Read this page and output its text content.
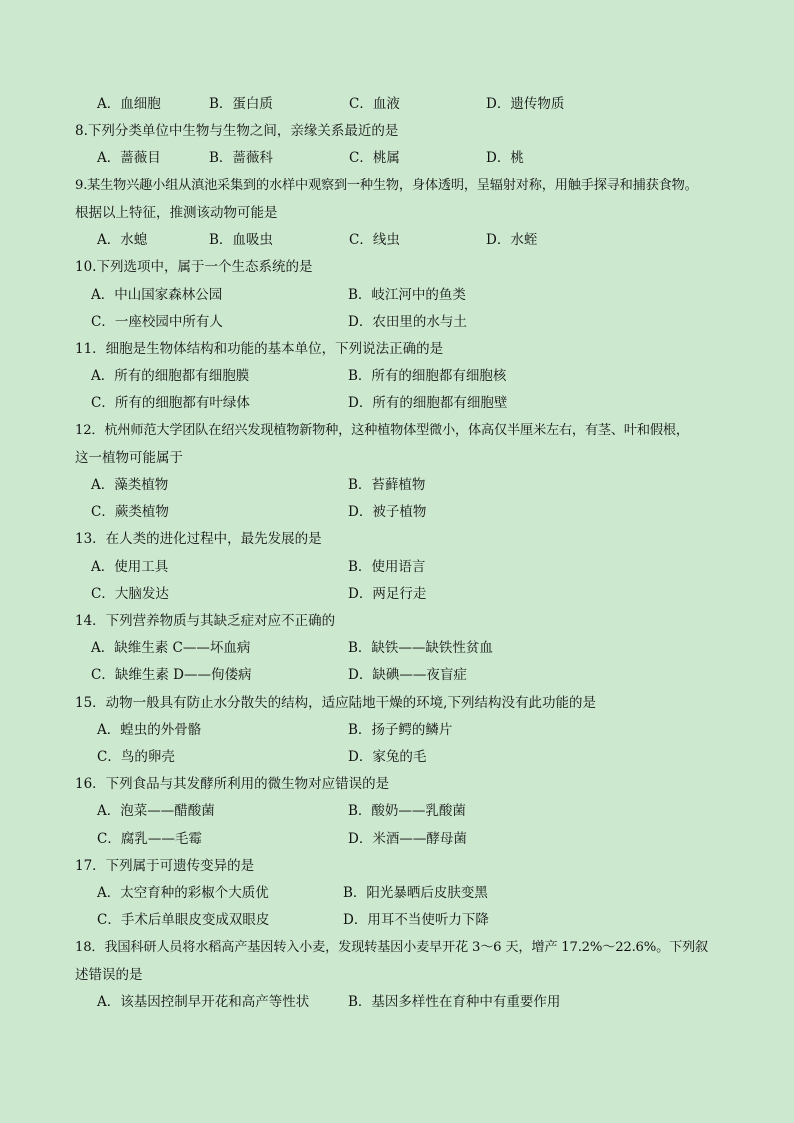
A．血细胞	B．蛋白质	C．血液	D．遗传物质
8.下列分类单位中生物与生物之间，亲缘关系最近的是
A．蔷薇目	B．蔷薇科	C．桃属	D．桃
9.某生物兴趣小组从滇池采集到的水样中观察到一种生物，身体透明，呈辐射对称，用触手探寻和捕获食物。
根据以上特征，推测该动物可能是
A．水螅	B．血吸虫	C．线虫	D．水蛭
10.下列选项中，属于一个生态系统的是
A．中山国家森林公园	B．岐江河中的鱼类
C．一座校园中所有人	D．农田里的水与土
11．细胞是生物体结构和功能的基本单位，下列说法正确的是
A．所有的细胞都有细胞膜	B．所有的细胞都有细胞核
C．所有的细胞都有叶绿体	D．所有的细胞都有细胞壁
12．杭州师范大学团队在绍兴发现植物新物种，这种植物体型微小，体高仅半厘米左右，有茎、叶和假根，
这一植物可能属于
A．藻类植物	B．苔藓植物
C．蕨类植物	D．被子植物
13．在人类的进化过程中，最先发展的是
A．使用工具	B．使用语言
C．大脑发达	D．两足行走
14．下列营养物质与其缺乏症对应不正确的
A．缺维生素 C——坏血病	B．缺铁——缺铁性贫血
C．缺维生素 D——佝偻病	D．缺碘——夜盲症
15．动物一般具有防止水分散失的结构，适应陆地干燥的环境,下列结构没有此功能的是
A．蝗虫的外骨骼	B．扬子鳄的鳞片
C．鸟的卵壳	D．家兔的毛
16．下列食品与其发酵所利用的微生物对应错误的是
A．泡菜——醋酸菌	B．酸奶——乳酸菌
C．腐乳——毛霉	D．米酒——酵母菌
17．下列属于可遗传变异的是
A．太空育种的彩椒个大质优	B．阳光暴晒后皮肤变黑
C．手术后单眼皮变成双眼皮	D．用耳不当使听力下降
18．我国科研人员将水稻高产基因转入小麦，发现转基因小麦早开花 3～6 天，增产 17.2%～22.6%。下列叙
述错误的是
A．该基因控制早开花和高产等性状	B．基因多样性在育种中有重要作用
